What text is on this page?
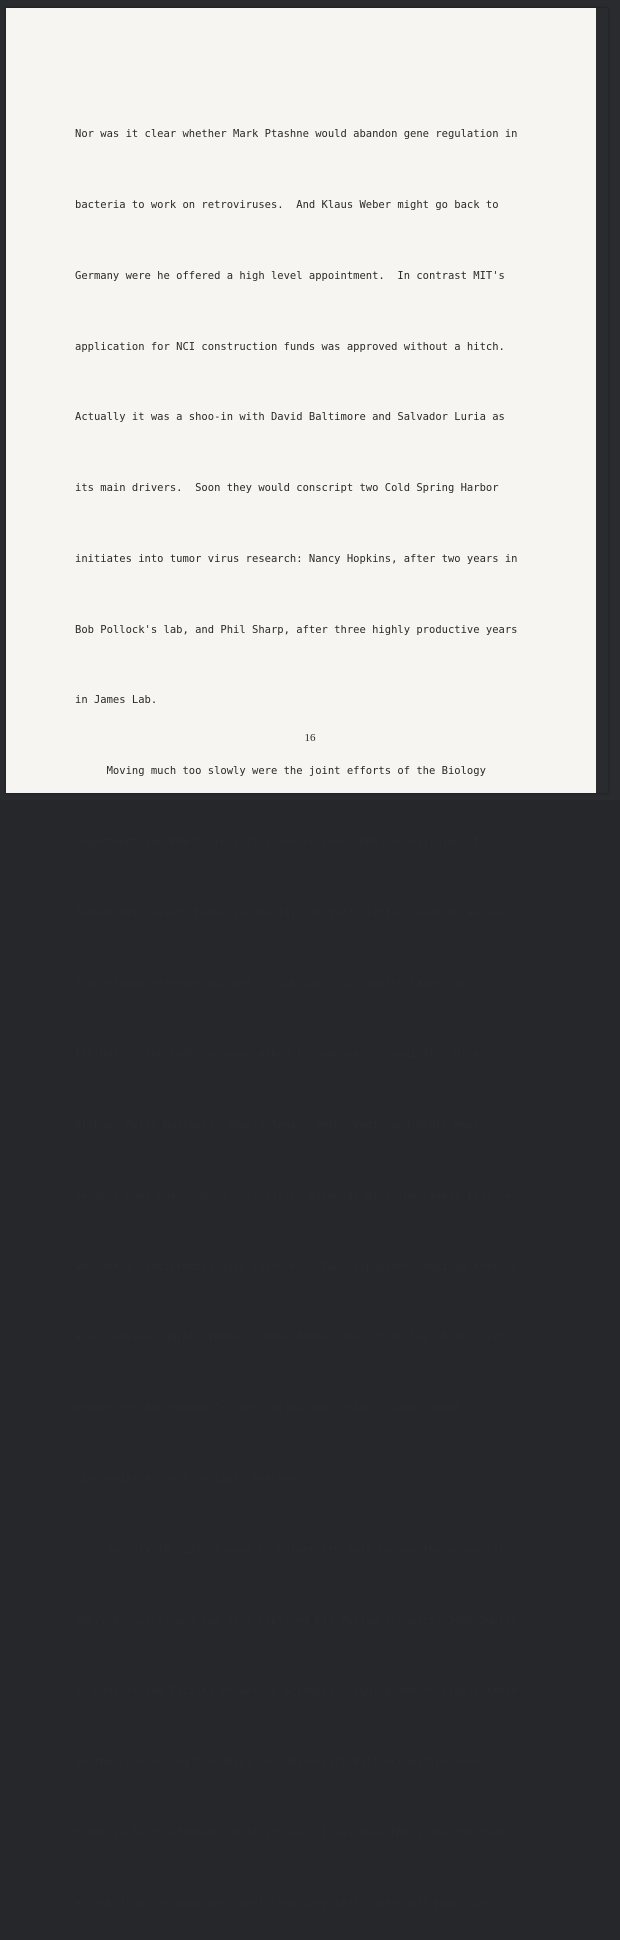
Nor was it clear whether Mark Ptashne would abandon gene regulation in

bacteria to work on retroviruses.  And Klaus Weber might go back to

Germany were he offered a high level appointment.  In contrast MIT's

application for NCI construction funds was approved without a hitch.

Actually it was a shoo-in with David Baltimore and Salvador Luria as

its main drivers.  Soon they would conscript two Cold Spring Harbor

initiates into tumor virus research: Nancy Hopkins, after two years in

Bob Pollock's lab, and Phil Sharp, after three highly productive years

in James Lab.

Moving much too slowly were the joint efforts of the Biology

Department and BMB to recruit a tenure level RNA retrovirologist.

Though discussions began in the fall of 1972, letters seeking advice

from eleven referees did not go out until six months later, in

February.  The referees were asked to compare as candidates Mike

Bishop, Peter Duesberg, Howard Temin, Peter Vogt, and Robin Weiss.

Temin's name was high on most lists, although with the caveat that he

was not a consistently good lecturer.  Two respondents advised that we

also consider Harold Varmus.  Mike Bishop was not on top of any list

except for Bob Huebner's, who called him a highly intelligent

biochemist as well as lucid teacher.

On July 10, 1973 I went to University Hall to see the economist

Henry Rosovsky, who had just replaced his fellow economist John Dunlop

as Dean of the Faculty of Arts & Sciences.  Dunlop had hurriedly taken

on the role during the April '69 University Hall occupation when

Franklin Ford suffered a mild stroke.  I was then BMB's new chairman,

a task I was to have only until February 1975, when Matt Meselson

16
